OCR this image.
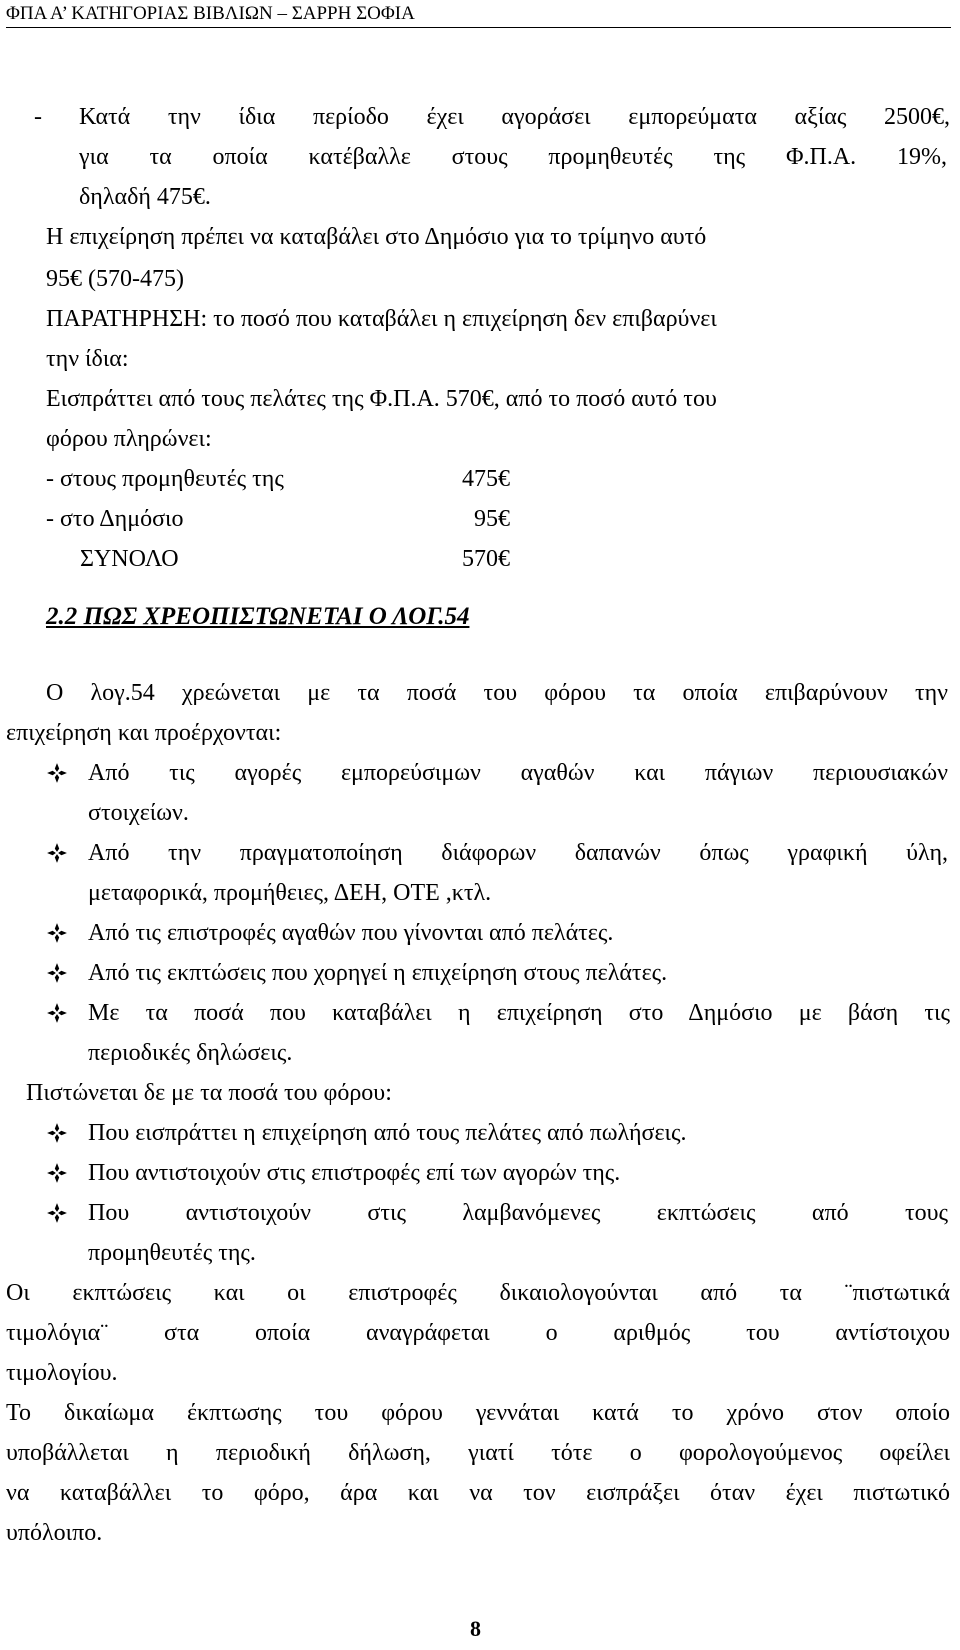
ΦΠΑ Α’ ΚΑΤΗΓΟΡΙΑΣ ΒΙΒΛΙΩΝ – ΣΑΡΡΗ ΣΟΦΙΑ
- Κατά την ίδια περίοδο έχει αγοράσει εμπορεύματα αξίας 2500€,
για τα οποία κατέβαλλε στους προμηθευτές της Φ.Π.Α. 19%,
δηλαδή 475€.
Η επιχείρηση πρέπει να καταβάλει στο Δημόσιο για το τρίμηνο αυτό
95€ (570-475)
ΠΑΡΑΤΗΡΗΣΗ: το ποσό που καταβάλει η επιχείρηση δεν επιβαρύνει
την ίδια:
Εισπράττει από τους πελάτες της Φ.Π.Α. 570€, από το ποσό αυτό του
φόρου πληρώνει:
- στους προμηθευτές της	475€
- στο Δημόσιο	95€
ΣΥΝΟΛΟ	570€
2.2 ΠΩΣ ΧΡΕΟΠΙΣΤΩΝΕΤΑΙ Ο ΛΟΓ.54
Ο λογ.54 χρεώνεται με τα ποσά του φόρου τα οποία επιβαρύνουν την
επιχείρηση και προέρχονται:
Από τις αγορές εμπορεύσιμων αγαθών και πάγιων περιουσιακών
στοιχείων.
Από την πραγματοποίηση διάφορων δαπανών όπως γραφική ύλη,
μεταφορικά, προμήθειες, ΔΕΗ, ΟΤΕ ,κτλ.
Από τις επιστροφές αγαθών που γίνονται από πελάτες.
Από τις εκπτώσεις που χορηγεί η επιχείρηση στους πελάτες.
Με τα ποσά που καταβάλει η επιχείρηση στο Δημόσιο με βάση τις
περιοδικές δηλώσεις.
Πιστώνεται δε με τα ποσά του φόρου:
Που εισπράττει η επιχείρηση από τους πελάτες από πωλήσεις.
Που αντιστοιχούν στις επιστροφές επί των αγορών της.
Που αντιστοιχούν στις λαμβανόμενες εκπτώσεις από τους
προμηθευτές της.
Οι εκπτώσεις και οι επιστροφές δικαιολογούνται από τα ¨πιστωτικά
τιμολόγια¨ στα οποία αναγράφεται ο αριθμός του αντίστοιχου
τιμολογίου.
Το δικαίωμα έκπτωσης του φόρου γεννάται κατά το χρόνο στον οποίο
υποβάλλεται η περιοδική δήλωση, γιατί τότε ο φορολογούμενος οφείλει
να καταβάλλει το φόρο, άρα και να τον εισπράξει όταν έχει πιστωτικό
υπόλοιπο.
8
